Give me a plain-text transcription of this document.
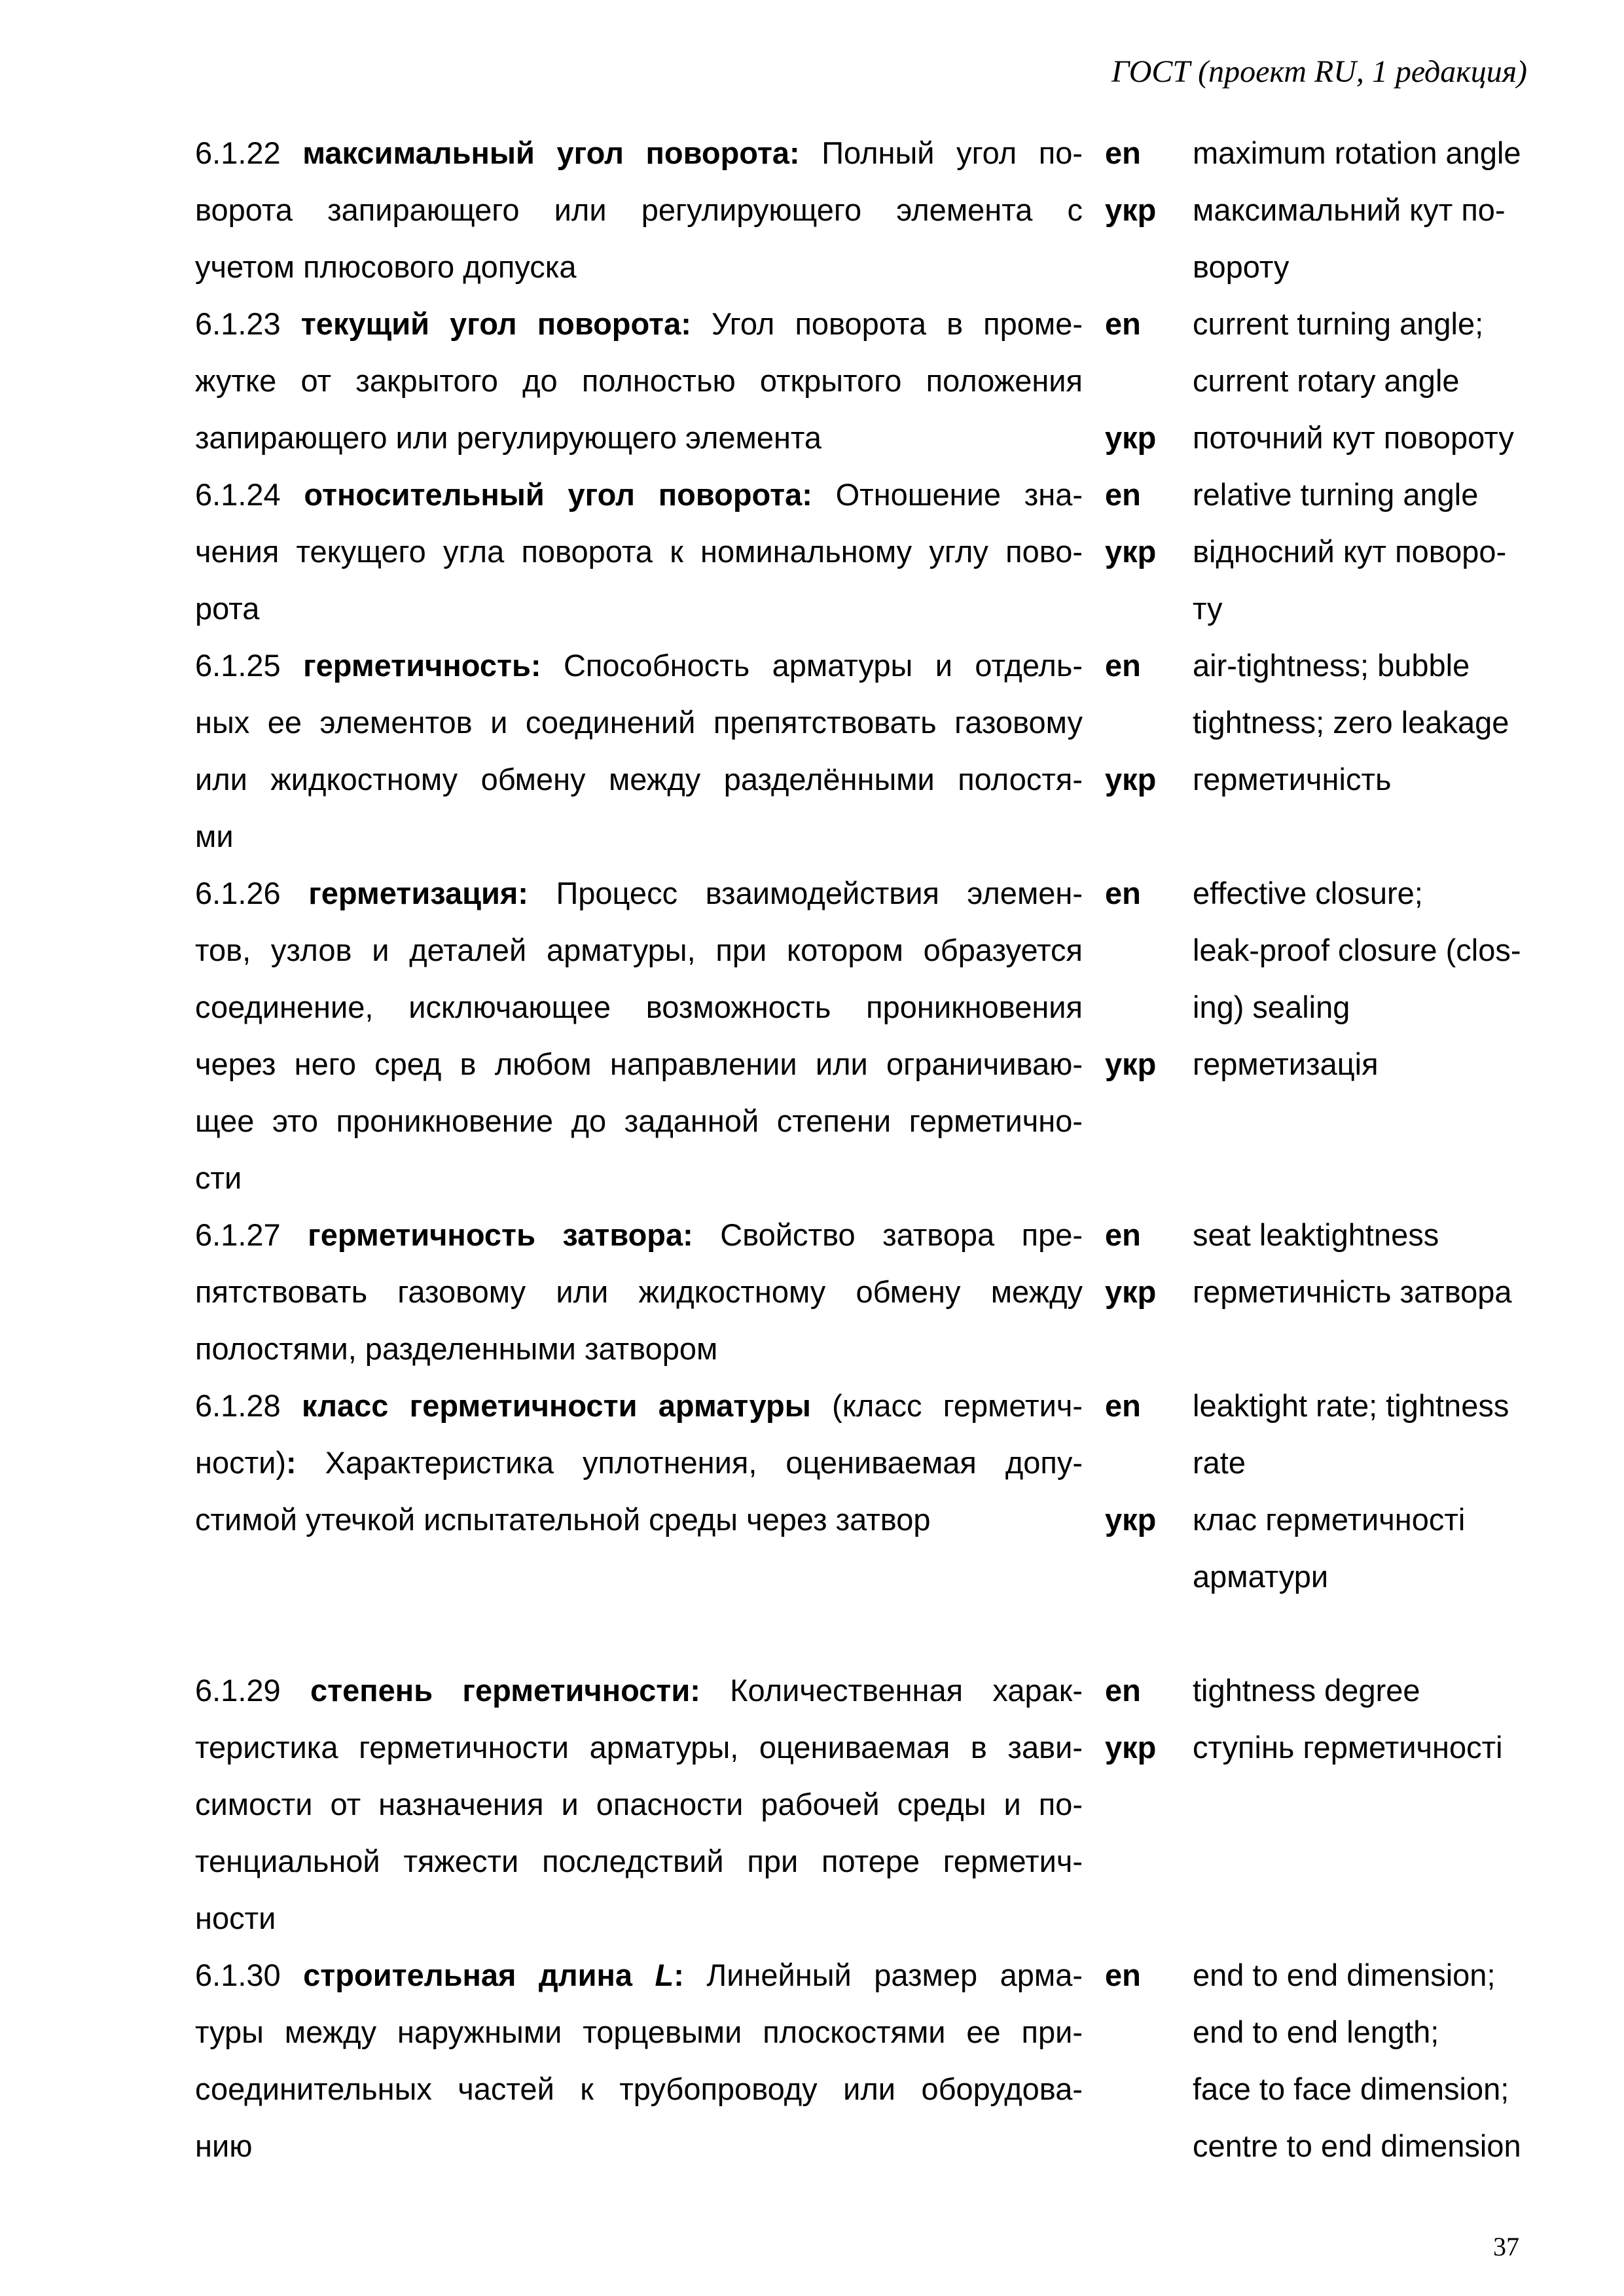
ГОСТ (проект RU, 1 редакция)
6.1.22 максимальный угол поворота: Полный угол по-
ворота запирающего или регулирующего элемента с
учетом плюсового допуска
en
укр
maximum rotation angle
максимальний кут по-
вороту
6.1.23 текущий угол поворота: Угол поворота в проме-
жутке от закрытого до полностью открытого положения
запирающего или регулирующего элемента
en
укр
current turning angle;
current rotary angle
поточний кут повороту
6.1.24 относительный угол поворота: Отношение зна-
чения текущего угла поворота к номинальному углу пово-
рота
en
укр
relative turning angle
відносний кут поворо-
ту
6.1.25 герметичность: Способность арматуры и отдель-
ных ее элементов и соединений препятствовать газовому
или жидкостному обмену между разделёнными полостя-
ми
en
укр
air-tightness; bubble
tightness; zero leakage
герметичність
6.1.26 герметизация: Процесс взаимодействия элемен-
тов, узлов и деталей арматуры, при котором образуется
соединение, исключающее возможность проникновения
через него сред в любом направлении или ограничиваю-
щее это проникновение до заданной степени герметично-
сти
en
укр
effective closure;
leak-proof closure (clos-
ing) sealing
герметизація
6.1.27 герметичность затвора: Свойство затвора пре-
пятствовать газовому или жидкостному обмену между
полостями, разделенными затвором
en
укр
seat leaktightness
герметичність затвора
6.1.28 класс герметичности арматуры (класс герметич-
ности): Характеристика уплотнения, оцениваемая допу-
стимой утечкой испытательной среды через затвор
en
укр
leaktight rate; tightness
rate
клас герметичності
арматури
6.1.29 степень герметичности: Количественная харак-
теристика герметичности арматуры, оцениваемая в зави-
симости от назначения и опасности рабочей среды и по-
тенциальной тяжести последствий при потере герметич-
ности
en
укр
tightness degree
ступінь герметичності
6.1.30 строительная длина L: Линейный размер арма-
туры между наружными торцевыми плоскостями ее при-
соединительных частей к трубопроводу или оборудова-
нию
en	end to end dimension;
end to end length;
face to face dimension;
centre to end dimension
37
